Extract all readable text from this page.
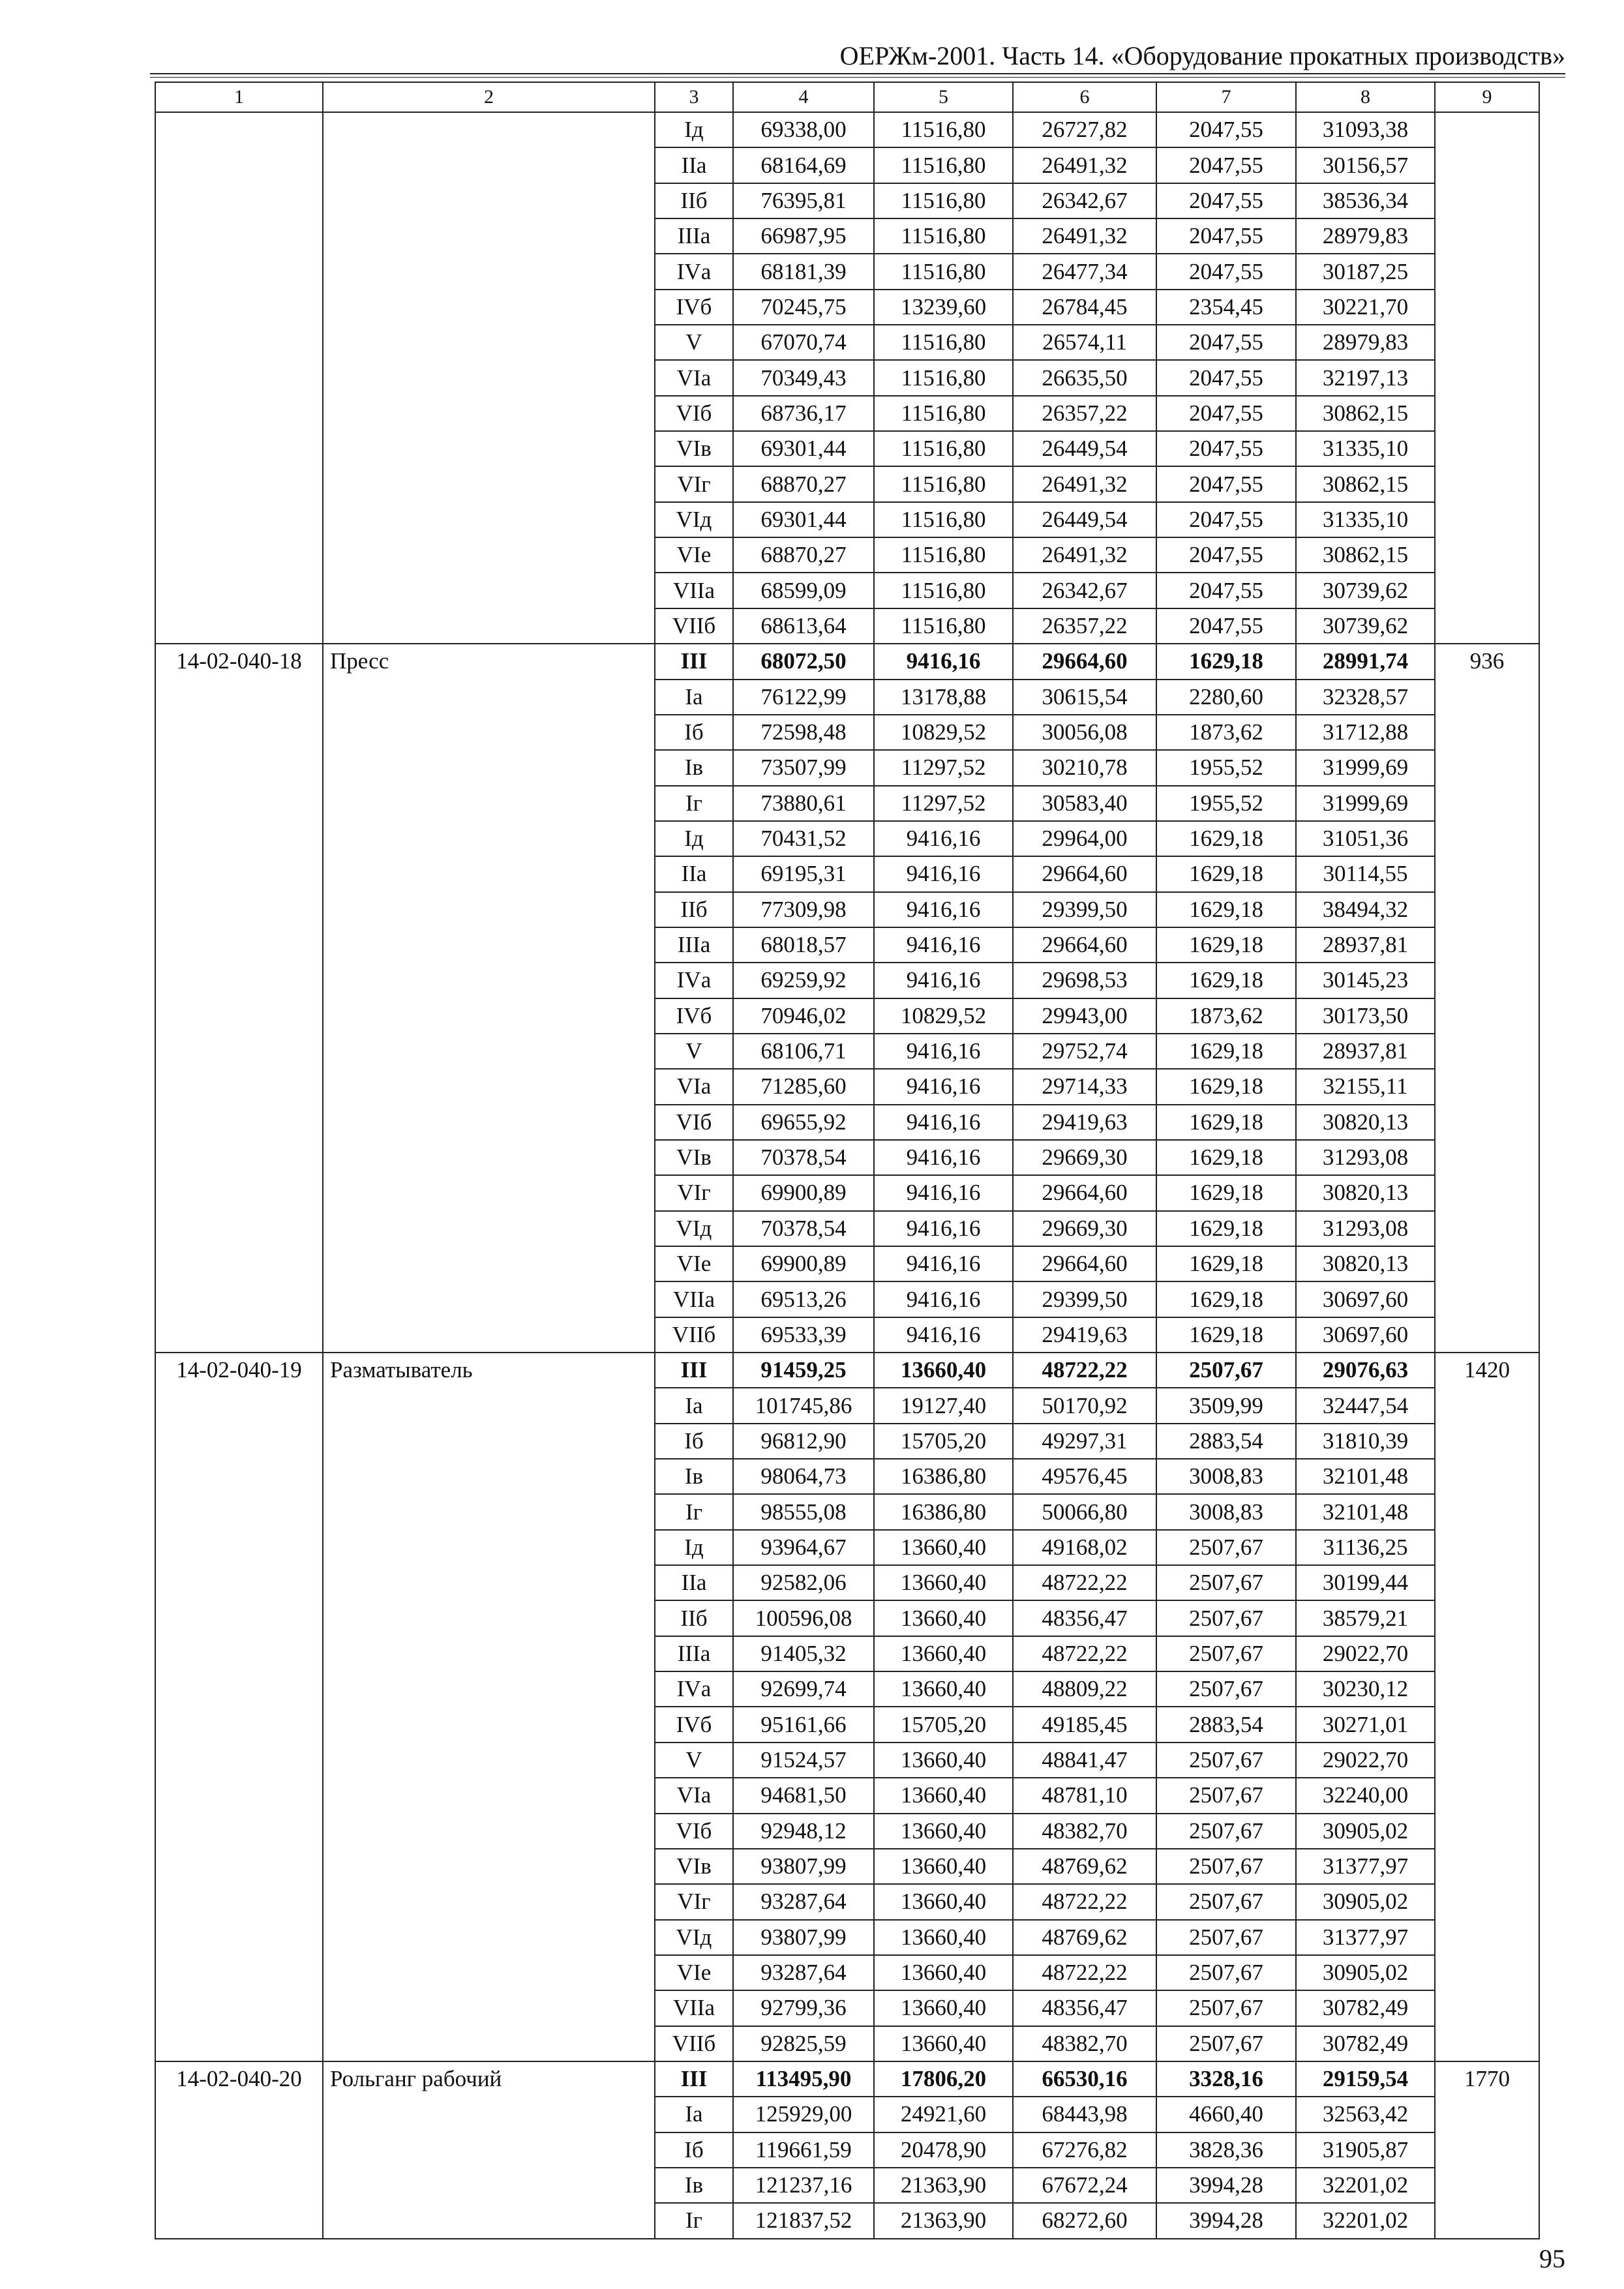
ОЕРЖм-2001. Часть 14. «Оборудование прокатных производств»
1	2	3	4	5	6	7	8	9
		Iд	69338,00	11516,80	26727,82	2047,55	31093,38	
		IIа	68164,69	11516,80	26491,32	2047,55	30156,57	
		IIб	76395,81	11516,80	26342,67	2047,55	38536,34	
		IIIа	66987,95	11516,80	26491,32	2047,55	28979,83	
		IVа	68181,39	11516,80	26477,34	2047,55	30187,25	
		IVб	70245,75	13239,60	26784,45	2354,45	30221,70	
		V	67070,74	11516,80	26574,11	2047,55	28979,83	
		VIа	70349,43	11516,80	26635,50	2047,55	32197,13	
		VIб	68736,17	11516,80	26357,22	2047,55	30862,15	
		VIв	69301,44	11516,80	26449,54	2047,55	31335,10	
		VIг	68870,27	11516,80	26491,32	2047,55	30862,15	
		VIд	69301,44	11516,80	26449,54	2047,55	31335,10	
		VIе	68870,27	11516,80	26491,32	2047,55	30862,15	
		VIIа	68599,09	11516,80	26342,67	2047,55	30739,62	
		VIIб	68613,64	11516,80	26357,22	2047,55	30739,62	
14-02-040-18	Пресс	III	68072,50	9416,16	29664,60	1629,18	28991,74	936
		Iа	76122,99	13178,88	30615,54	2280,60	32328,57	
		Iб	72598,48	10829,52	30056,08	1873,62	31712,88	
		Iв	73507,99	11297,52	30210,78	1955,52	31999,69	
		Iг	73880,61	11297,52	30583,40	1955,52	31999,69	
		Iд	70431,52	9416,16	29964,00	1629,18	31051,36	
		IIа	69195,31	9416,16	29664,60	1629,18	30114,55	
		IIб	77309,98	9416,16	29399,50	1629,18	38494,32	
		IIIа	68018,57	9416,16	29664,60	1629,18	28937,81	
		IVа	69259,92	9416,16	29698,53	1629,18	30145,23	
		IVб	70946,02	10829,52	29943,00	1873,62	30173,50	
		V	68106,71	9416,16	29752,74	1629,18	28937,81	
		VIа	71285,60	9416,16	29714,33	1629,18	32155,11	
		VIб	69655,92	9416,16	29419,63	1629,18	30820,13	
		VIв	70378,54	9416,16	29669,30	1629,18	31293,08	
		VIг	69900,89	9416,16	29664,60	1629,18	30820,13	
		VIд	70378,54	9416,16	29669,30	1629,18	31293,08	
		VIе	69900,89	9416,16	29664,60	1629,18	30820,13	
		VIIа	69513,26	9416,16	29399,50	1629,18	30697,60	
		VIIб	69533,39	9416,16	29419,63	1629,18	30697,60	
14-02-040-19	Разматыватель	III	91459,25	13660,40	48722,22	2507,67	29076,63	1420
		Iа	101745,86	19127,40	50170,92	3509,99	32447,54	
		Iб	96812,90	15705,20	49297,31	2883,54	31810,39	
		Iв	98064,73	16386,80	49576,45	3008,83	32101,48	
		Iг	98555,08	16386,80	50066,80	3008,83	32101,48	
		Iд	93964,67	13660,40	49168,02	2507,67	31136,25	
		IIа	92582,06	13660,40	48722,22	2507,67	30199,44	
		IIб	100596,08	13660,40	48356,47	2507,67	38579,21	
		IIIа	91405,32	13660,40	48722,22	2507,67	29022,70	
		IVа	92699,74	13660,40	48809,22	2507,67	30230,12	
		IVб	95161,66	15705,20	49185,45	2883,54	30271,01	
		V	91524,57	13660,40	48841,47	2507,67	29022,70	
		VIа	94681,50	13660,40	48781,10	2507,67	32240,00	
		VIб	92948,12	13660,40	48382,70	2507,67	30905,02	
		VIв	93807,99	13660,40	48769,62	2507,67	31377,97	
		VIг	93287,64	13660,40	48722,22	2507,67	30905,02	
		VIд	93807,99	13660,40	48769,62	2507,67	31377,97	
		VIе	93287,64	13660,40	48722,22	2507,67	30905,02	
		VIIа	92799,36	13660,40	48356,47	2507,67	30782,49	
		VIIб	92825,59	13660,40	48382,70	2507,67	30782,49	
14-02-040-20	Рольганг рабочий	III	113495,90	17806,20	66530,16	3328,16	29159,54	1770
		Iа	125929,00	24921,60	68443,98	4660,40	32563,42	
		Iб	119661,59	20478,90	67276,82	3828,36	31905,87	
		Iв	121237,16	21363,90	67672,24	3994,28	32201,02	
		Iг	121837,52	21363,90	68272,60	3994,28	32201,02	
95
